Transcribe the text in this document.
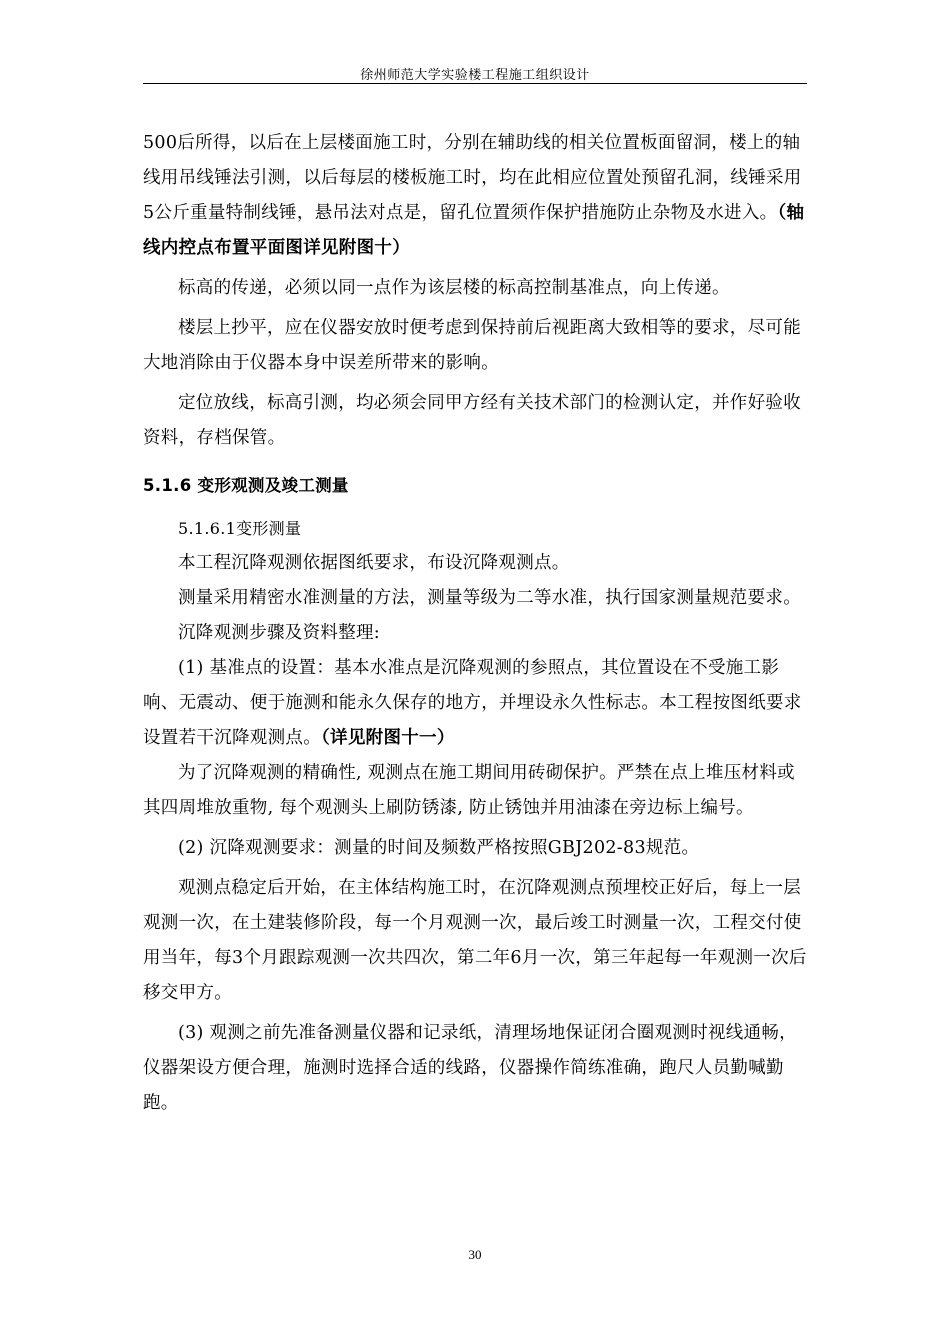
徐州师范大学实验楼工程施工组织设计

500后所得，以后在上层楼面施工时，分别在辅助线的相关位置板面留洞，楼上的轴线用吊线锤法引测，以后每层的楼板施工时，均在此相应位置处预留孔洞，线锤采用5公斤重量特制线锤，悬吊法对点是，留孔位置须作保护措施防止杂物及水进入。（轴线内控点布置平面图详见附图十）

标高的传递，必须以同一点作为该层楼的标高控制基准点，向上传递。

楼层上抄平，应在仪器安放时便考虑到保持前后视距离大致相等的要求，尽可能大地消除由于仪器本身中误差所带来的影响。

定位放线，标高引测，均必须会同甲方经有关技术部门的检测认定，并作好验收资料，存档保管。

5.1.6 变形观测及竣工测量

5.1.6.1变形测量

本工程沉降观测依据图纸要求，布设沉降观测点。

测量采用精密水准测量的方法，测量等级为二等水准，执行国家测量规范要求。

沉降观测步骤及资料整理:

(1) 基准点的设置：基本水准点是沉降观测的参照点，其位置设在不受施工影响、无震动、便于施测和能永久保存的地方，并埋设永久性标志。本工程按图纸要求设置若干沉降观测点。（详见附图十一）

为了沉降观测的精确性, 观测点在施工期间用砖砌保护。严禁在点上堆压材料或其四周堆放重物, 每个观测头上刷防锈漆, 防止锈蚀并用油漆在旁边标上编号。

(2) 沉降观测要求：测量的时间及频数严格按照GBJ202-83规范。

观测点稳定后开始，在主体结构施工时，在沉降观测点预埋校正好后，每上一层观测一次，在土建装修阶段，每一个月观测一次，最后竣工时测量一次，工程交付使用当年，每3个月跟踪观测一次共四次，第二年6月一次，第三年起每一年观测一次后移交甲方。

(3) 观测之前先准备测量仪器和记录纸，清理场地保证闭合圈观测时视线通畅，仪器架设方便合理，施测时选择合适的线路，仪器操作简练准确，跑尺人员勤喊勤跑。

30
